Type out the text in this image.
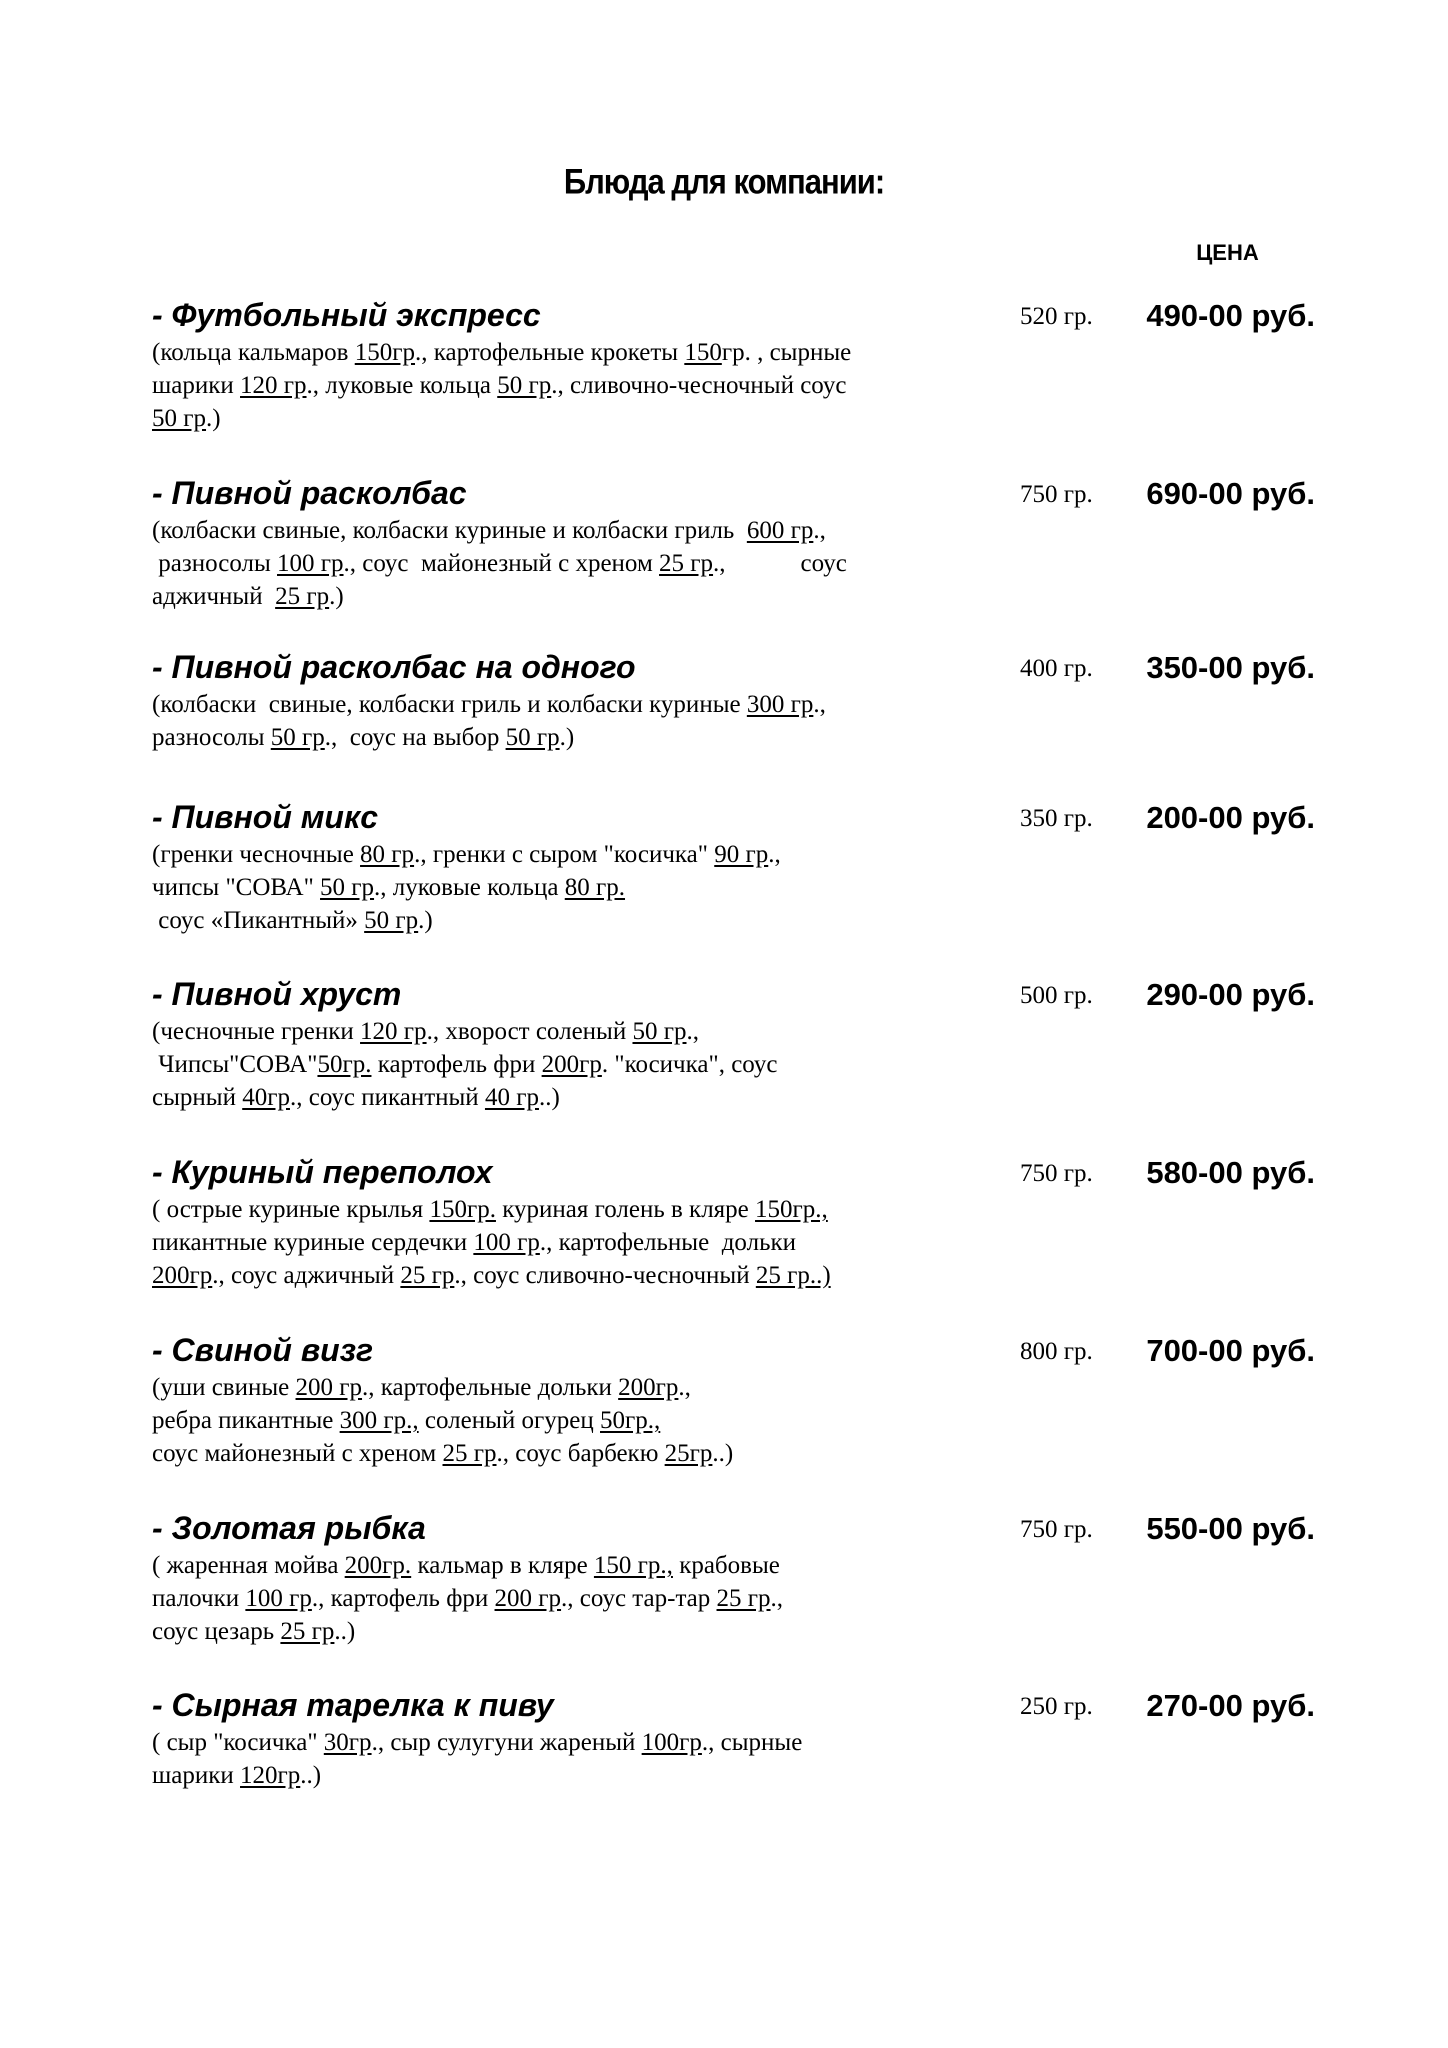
Блюда для компании:
ЦЕНА
- Футбольный экспресс	520 гр.	490-00 руб.
(кольца кальмаров 150гр., картофельные крокеты 150гр. , сырные
шарики 120 гр., луковые кольца 50 гр., сливочно-чесночный соус
50 гр.)
- Пивной расколбас	750 гр.	690-00 руб.
(колбаски свиные, колбаски куриные и колбаски гриль  600 гр.,
разносолы 100 гр., соус  майонезный с хреном 25 гр.,            соус
аджичный  25 гр.)
- Пивной расколбас на одного	400 гр.	350-00 руб.
(колбаски  свиные, колбаски гриль и колбаски куриные 300 гр.,
разносолы 50 гр.,  соус на выбор 50 гр.)
- Пивной микс	350 гр.	200-00 руб.
(гренки чесночные 80 гр., гренки с сыром "косичка" 90 гр.,
чипсы "СОВА" 50 гр., луковые кольца 80 гр.
соус «Пикантный» 50 гр.)
- Пивной хруст	500 гр.	290-00 руб.
(чесночные гренки 120 гр., хворост соленый 50 гр.,
Чипсы"СОВА"50гр. картофель фри 200гр. "косичка", соус
сырный 40гр., соус пикантный 40 гр..)
- Куриный переполох	750 гр.	580-00 руб.
( острые куриные крылья 150гр. куриная голень в кляре 150гр.,
пикантные куриные сердечки 100 гр., картофельные  дольки
200гр., соус аджичный 25 гр., соус сливочно-чесночный 25 гр..)
- Свиной визг	800 гр.	700-00 руб.
(уши свиные 200 гр., картофельные дольки 200гр.,
ребра пикантные 300 гр., соленый огурец 50гр.,
соус майонезный с хреном 25 гр., соус барбекю 25гр..)
- Золотая рыбка	750 гр.	550-00 руб.
( жаренная мойва 200гр. кальмар в кляре 150 гр., крабовые
палочки 100 гр., картофель фри 200 гр., соус тар-тар 25 гр.,
соус цезарь 25 гр..)
- Сырная тарелка к пиву	250 гр.	270-00 руб.
( сыр "косичка" 30гр., сыр сулугуни жареный 100гр., сырные
шарики 120гр..)
